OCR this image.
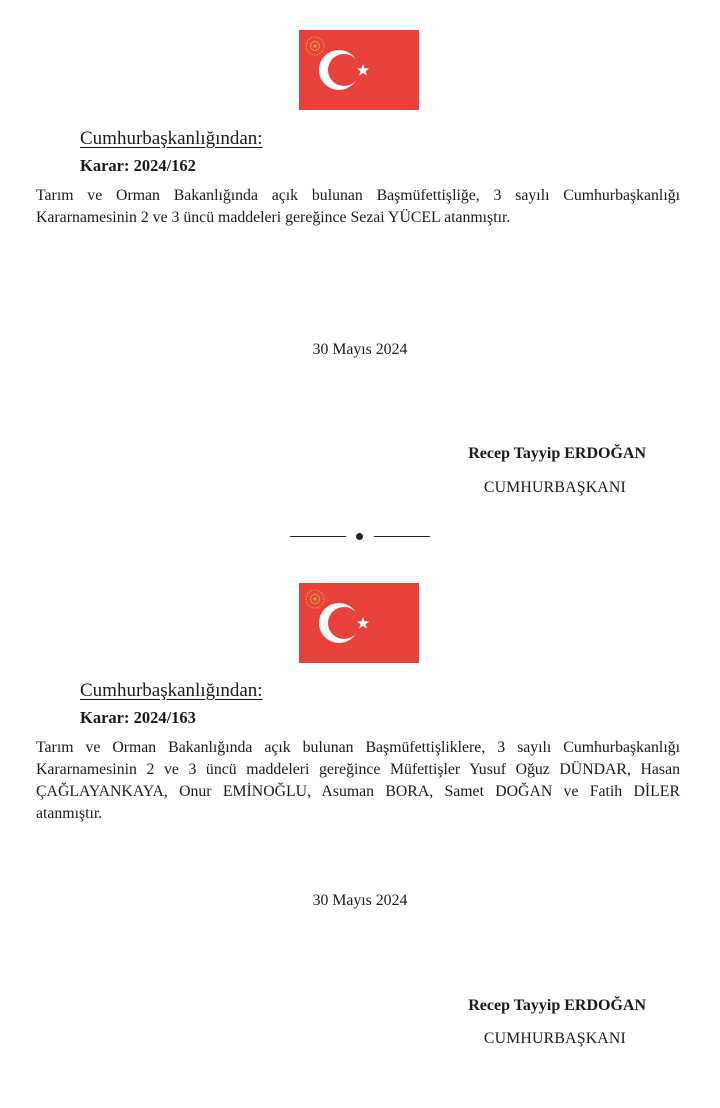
Cumhurbaşkanlığından:
Karar: 2024/162
Tarım ve Orman Bakanlığında açık bulunan Başmüfettişliğe, 3 sayılı Cumhurbaşkanlığı Kararnamesinin 2 ve 3 üncü maddeleri gereğince Sezai YÜCEL atanmıştır.
30 Mayıs 2024
Recep Tayyip ERDOĞAN
CUMHURBAŞKANI
Cumhurbaşkanlığından:
Karar: 2024/163
Tarım ve Orman Bakanlığında açık bulunan Başmüfettişliklere, 3 sayılı Cumhurbaşkanlığı Kararnamesinin 2 ve 3 üncü maddeleri gereğince Müfettişler Yusuf Oğuz DÜNDAR, Hasan ÇAĞLAYANKAYA, Onur EMİNOĞLU, Asuman BORA, Samet DOĞAN ve Fatih DİLER atanmıştır.
30 Mayıs 2024
Recep Tayyip ERDOĞAN
CUMHURBAŞKANI
